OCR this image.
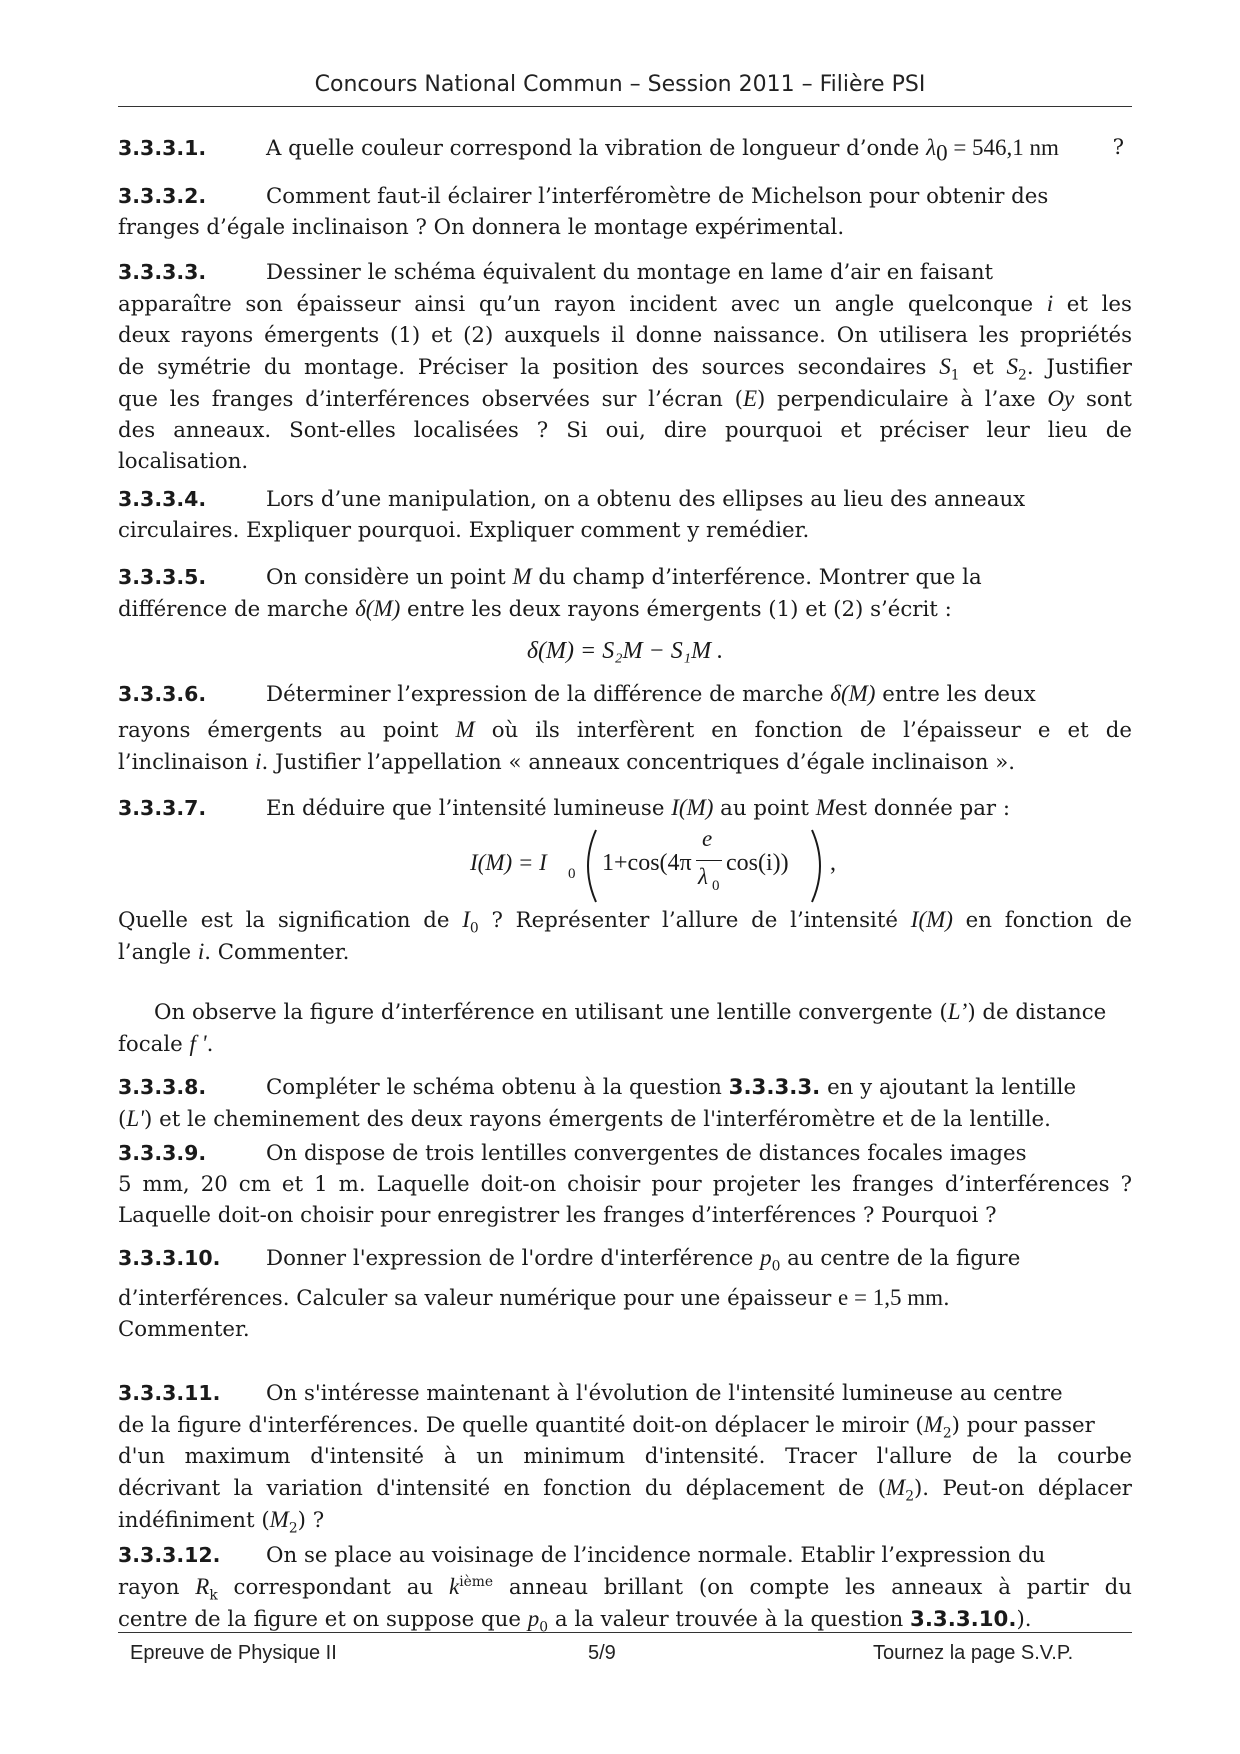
Concours National Commun – Session 2011 – Filière PSI
3.3.3.1.	A quelle couleur correspond la vibration de longueur d’onde $\lambda_0 = 546,1$ nm	?
3.3.3.2.	Comment faut-il éclairer l’interféromètre de Michelson pour obtenir des
franges d’égale inclinaison ? On donnera le montage expérimental.
3.3.3.3.	Dessiner le schéma équivalent du montage en lame d’air en faisant
apparaître son épaisseur ainsi qu’un rayon incident avec un angle quelconque i et les
deux rayons émergents (1) et (2) auxquels il donne naissance. On utilisera les propriétés
de symétrie du montage. Préciser la position des sources secondaires $S_1$ et $S_2$. Justifier
que les franges d’interférences observées sur l’écran (E) perpendiculaire à l’axe Oy sont
des anneaux. Sont-elles localisées ? Si oui, dire pourquoi et préciser leur lieu de
localisation.
3.3.3.4.	Lors d’une manipulation, on a obtenu des ellipses au lieu des anneaux
circulaires. Expliquer pourquoi. Expliquer comment y remédier.
3.3.3.5.	On considère un point M du champ d’interférence. Montrer que la
différence de marche δ(M) entre les deux rayons émergents (1) et (2) s’écrit :
δ(M) = S₂M − S₁M .
3.3.3.6.	Déterminer l’expression de la différence de marche δ(M) entre les deux
rayons émergents au point M où ils interfèrent en fonction de l’épaisseur e et de
l’inclinaison i. Justifier l’appellation « anneaux concentriques d’égale inclinaison ».
3.3.3.7.	En déduire que l’intensité lumineuse I(M) au point Mest donnée par :
I(M) = I 0 1+cos(4π
e
λ 0
cos(i)) ,
Quelle est la signification de $I_0$ ? Représenter l’allure de l’intensité I(M) en fonction de
l’angle i. Commenter.
On observe la figure d’interférence en utilisant une lentille convergente (L’) de distance
focale f '.
3.3.3.8.	Compléter le schéma obtenu à la question 3.3.3.3. en y ajoutant la lentille
(L') et le cheminement des deux rayons émergents de l'interféromètre et de la lentille.
3.3.3.9.	On dispose de trois lentilles convergentes de distances focales images
5 mm, 20 cm et 1 m. Laquelle doit-on choisir pour projeter les franges d’interférences ?
Laquelle doit-on choisir pour enregistrer les franges d’interférences ? Pourquoi ?
3.3.3.10. Donner l'expression de l'ordre d'interférence $p_0$ au centre de la figure
d’interférences. Calculer sa valeur numérique pour une épaisseur e = 1,5 mm.
Commenter.
3.3.3.11. On s'intéresse maintenant à l'évolution de l'intensité lumineuse au centre
de la figure d'interférences. De quelle quantité doit-on déplacer le miroir $(M_2)$ pour passer
d'un maximum d'intensité à un minimum d'intensité. Tracer l'allure de la courbe
décrivant la variation d'intensité en fonction du déplacement de $(M_2)$. Peut-on déplacer
indéfiniment $(M_2)$ ?
3.3.3.12. On se place au voisinage de l’incidence normale. Etablir l’expression du
rayon $R_k$ correspondant au $k^{ième}$ anneau brillant (on compte les anneaux à partir du
centre de la figure et on suppose que $p_0$ a la valeur trouvée à la question 3.3.3.10.).
Epreuve de Physique II	5/9	Tournez la page S.V.P.
